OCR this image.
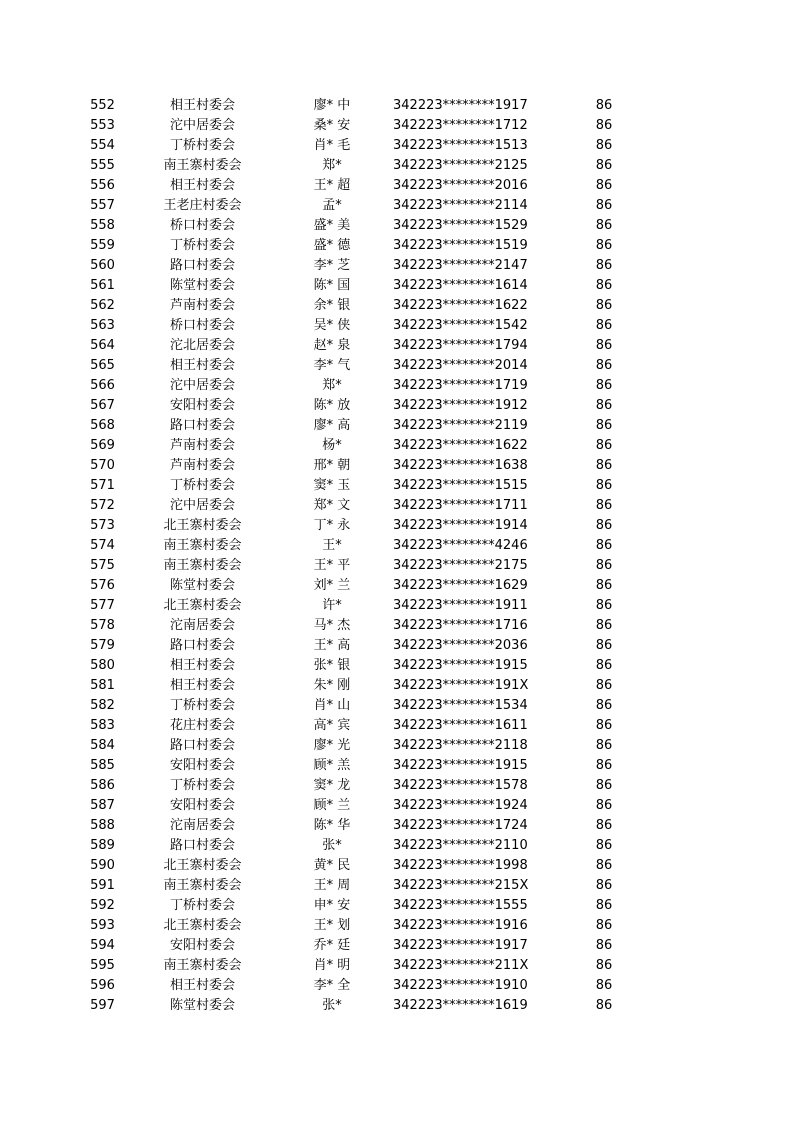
552	相王村委会	廖* 中	342223********1917	86
553	沱中居委会	桑* 安	342223********1712	86
554	丁桥村委会	肖* 毛	342223********1513	86
555	南王寨村委会	郑*	342223********2125	86
556	相王村委会	王* 超	342223********2016	86
557	王老庄村委会	孟*	342223********2114	86
558	桥口村委会	盛* 美	342223********1529	86
559	丁桥村委会	盛* 德	342223********1519	86
560	路口村委会	李* 芝	342223********2147	86
561	陈堂村委会	陈* 国	342223********1614	86
562	芦南村委会	余* 银	342223********1622	86
563	桥口村委会	吴* 侠	342223********1542	86
564	沱北居委会	赵* 泉	342223********1794	86
565	相王村委会	李* 气	342223********2014	86
566	沱中居委会	郑*	342223********1719	86
567	安阳村委会	陈* 放	342223********1912	86
568	路口村委会	廖* 高	342223********2119	86
569	芦南村委会	杨*	342223********1622	86
570	芦南村委会	邢* 朝	342223********1638	86
571	丁桥村委会	窦* 玉	342223********1515	86
572	沱中居委会	郑* 文	342223********1711	86
573	北王寨村委会	丁* 永	342223********1914	86
574	南王寨村委会	王*	342223********4246	86
575	南王寨村委会	王* 平	342223********2175	86
576	陈堂村委会	刘* 兰	342223********1629	86
577	北王寨村委会	许*	342223********1911	86
578	沱南居委会	马* 杰	342223********1716	86
579	路口村委会	王* 高	342223********2036	86
580	相王村委会	张* 银	342223********1915	86
581	相王村委会	朱* 刚	342223********191X	86
582	丁桥村委会	肖* 山	342223********1534	86
583	花庄村委会	高* 宾	342223********1611	86
584	路口村委会	廖* 光	342223********2118	86
585	安阳村委会	顾* 羔	342223********1915	86
586	丁桥村委会	窦* 龙	342223********1578	86
587	安阳村委会	顾* 兰	342223********1924	86
588	沱南居委会	陈* 华	342223********1724	86
589	路口村委会	张*	342223********2110	86
590	北王寨村委会	黄* 民	342223********1998	86
591	南王寨村委会	王* 周	342223********215X	86
592	丁桥村委会	申* 安	342223********1555	86
593	北王寨村委会	王* 划	342223********1916	86
594	安阳村委会	乔* 廷	342223********1917	86
595	南王寨村委会	肖* 明	342223********211X	86
596	相王村委会	李* 全	342223********1910	86
597	陈堂村委会	张*	342223********1619	86
